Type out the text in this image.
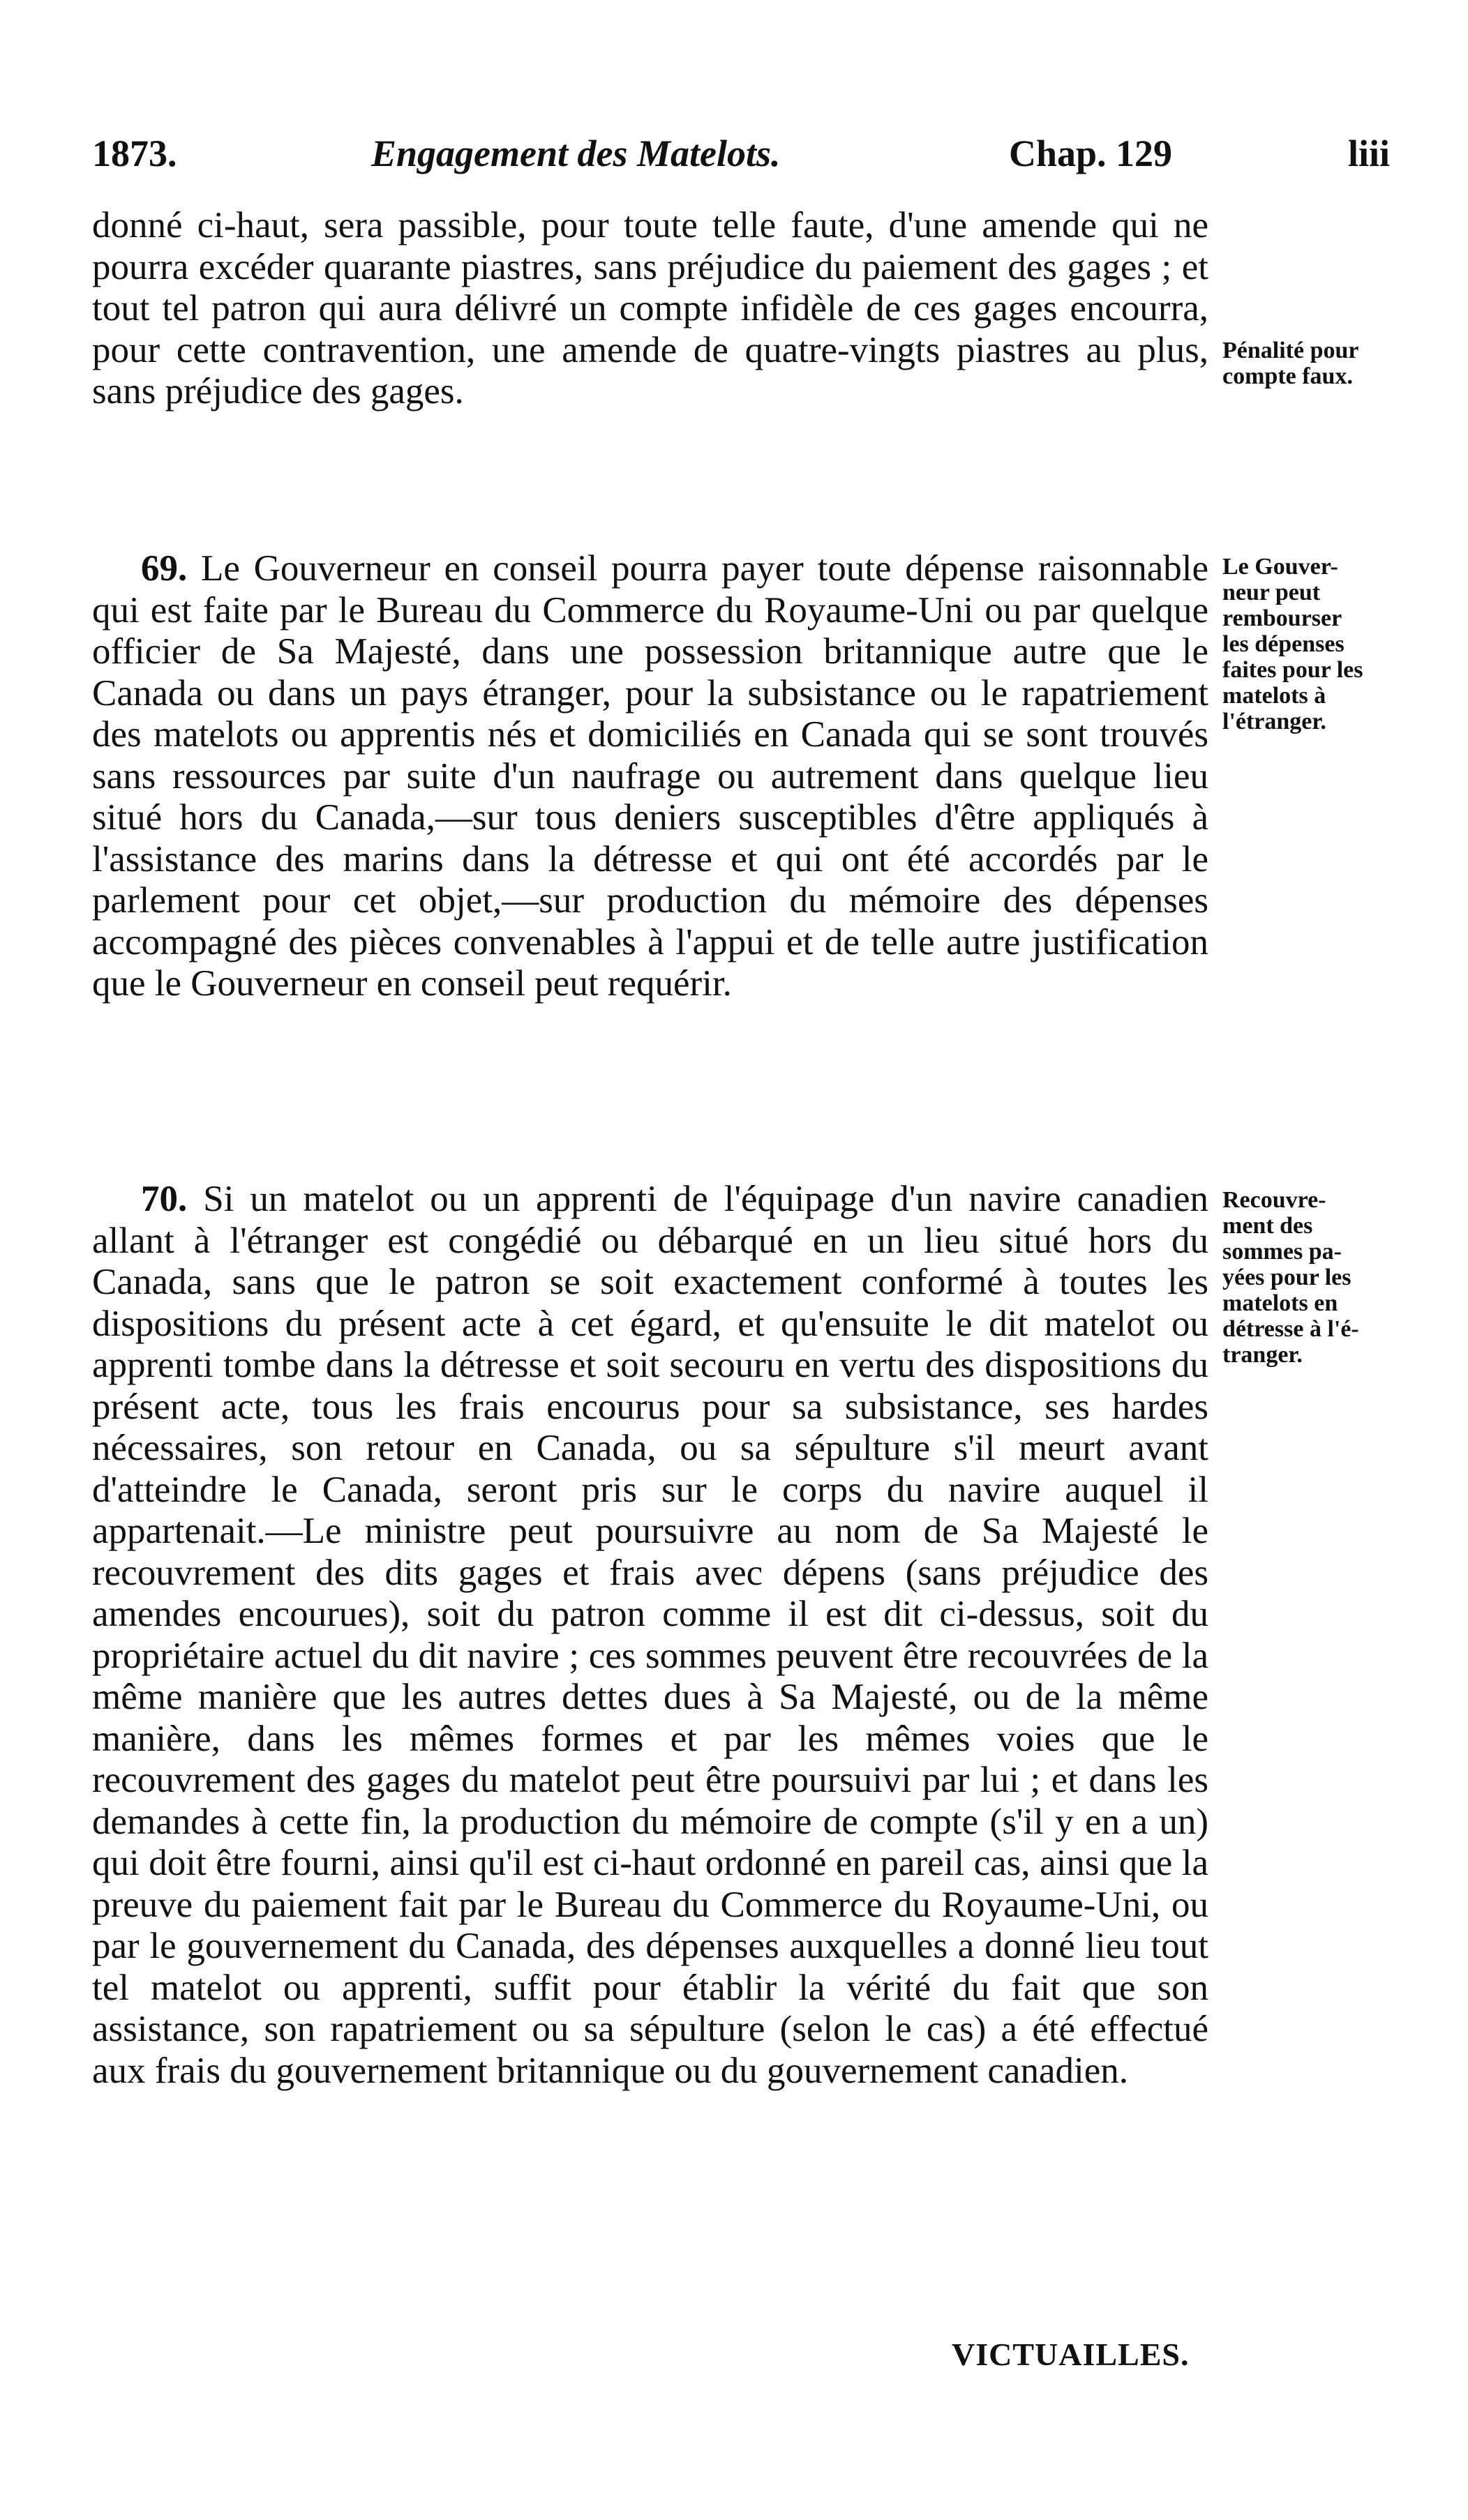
1873.	Engagement des Matelots.	Chap. 129	liii

donné ci-haut, sera passible, pour toute telle faute, d'une amende qui ne pourra excéder quarante piastres, sans préjudice du paiement des gages ; et tout tel patron qui aura délivré un compte infidèle de ces gages encourra, pour cette contravention, une amende de quatre-vingts piastres au plus, sans préjudice des gages.

69. Le Gouverneur en conseil pourra payer toute dépense raisonnable qui est faite par le Bureau du Commerce du Royaume-Uni ou par quelque officier de Sa Majesté, dans une possession britannique autre que le Canada ou dans un pays étranger, pour la subsistance ou le rapatriement des matelots ou apprentis nés et domiciliés en Canada qui se sont trouvés sans ressources par suite d'un naufrage ou autrement dans quelque lieu situé hors du Canada,—sur tous deniers susceptibles d'être appliqués à l'assistance des marins dans la détresse et qui ont été accordés par le parlement pour cet objet,—sur production du mémoire des dépenses accompagné des pièces convenables à l'appui et de telle autre justification que le Gouverneur en conseil peut requérir.

70. Si un matelot ou un apprenti de l'équipage d'un navire canadien allant à l'étranger est congédié ou débarqué en un lieu situé hors du Canada, sans que le patron se soit exactement conformé à toutes les dispositions du présent acte à cet égard, et qu'ensuite le dit matelot ou apprenti tombe dans la détresse et soit secouru en vertu des dispositions du présent acte, tous les frais encourus pour sa subsistance, ses hardes nécessaires, son retour en Canada, ou sa sépulture s'il meurt avant d'atteindre le Canada, seront pris sur le corps du navire auquel il appartenait.—Le ministre peut poursuivre au nom de Sa Majesté le recouvrement des dits gages et frais avec dépens (sans préjudice des amendes encourues), soit du patron comme il est dit ci-dessus, soit du propriétaire actuel du dit navire ; ces sommes peuvent être recouvrées de la même manière que les autres dettes dues à Sa Majesté, ou de la même manière, dans les mêmes formes et par les mêmes voies que le recouvrement des gages du matelot peut être poursuivi par lui ; et dans les demandes à cette fin, la production du mémoire de compte (s'il y en a un) qui doit être fourni, ainsi qu'il est ci-haut ordonné en pareil cas, ainsi que la preuve du paiement fait par le Bureau du Commerce du Royaume-Uni, ou par le gouvernement du Canada, des dépenses auxquelles a donné lieu tout tel matelot ou apprenti, suffit pour établir la vérité du fait que son assistance, son rapatriement ou sa sépulture (selon le cas) a été effectué aux frais du gouvernement britannique ou du gouvernement canadien.

Pénalité pour
compte faux.
Le Gouver-
neur peut
rembourser
les dépenses
faites pour les
matelots à
l'étranger.
Recouvre-
ment des
sommes pa-
yées pour les
matelots en
détresse à l'é-
tranger.
VICTUAILLES.
